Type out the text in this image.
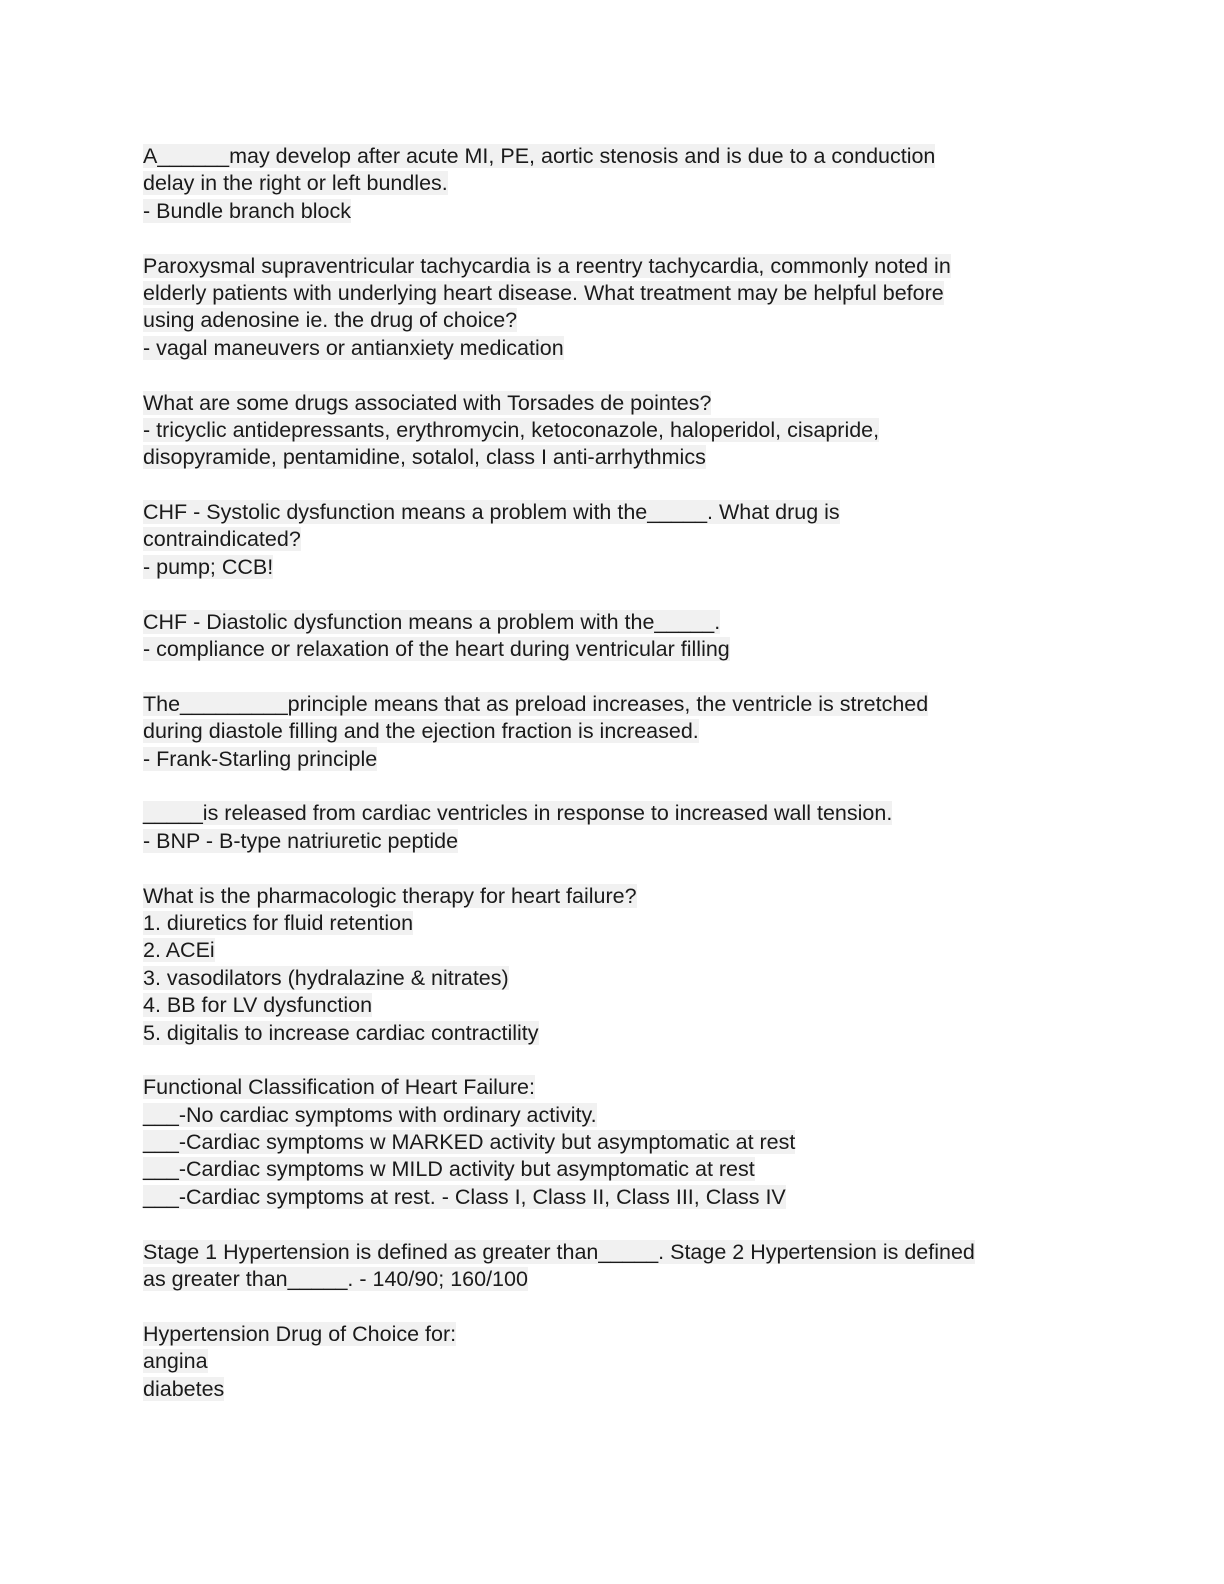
A______may develop after acute MI, PE, aortic stenosis and is due to a conduction
delay in the right or left bundles.
- Bundle branch block
Paroxysmal supraventricular tachycardia is a reentry tachycardia, commonly noted in
elderly patients with underlying heart disease. What treatment may be helpful before
using adenosine ie. the drug of choice?
- vagal maneuvers or antianxiety medication
What are some drugs associated with Torsades de pointes?
- tricyclic antidepressants, erythromycin, ketoconazole, haloperidol, cisapride,
disopyramide, pentamidine, sotalol, class I anti-arrhythmics
CHF - Systolic dysfunction means a problem with the_____. What drug is
contraindicated?
- pump; CCB!
CHF - Diastolic dysfunction means a problem with the_____.
- compliance or relaxation of the heart during ventricular filling
The_________principle means that as preload increases, the ventricle is stretched
during diastole filling and the ejection fraction is increased.
- Frank-Starling principle
_____is released from cardiac ventricles in response to increased wall tension.
- BNP - B-type natriuretic peptide
What is the pharmacologic therapy for heart failure?
1. diuretics for fluid retention
2. ACEi
3. vasodilators (hydralazine & nitrates)
4. BB for LV dysfunction
5. digitalis to increase cardiac contractility
Functional Classification of Heart Failure:
___-No cardiac symptoms with ordinary activity.
___-Cardiac symptoms w MARKED activity but asymptomatic at rest
___-Cardiac symptoms w MILD activity but asymptomatic at rest
___-Cardiac symptoms at rest. - Class I, Class II, Class III, Class IV
Stage 1 Hypertension is defined as greater than_____. Stage 2 Hypertension is defined
as greater than_____. - 140/90; 160/100
Hypertension Drug of Choice for:
angina
diabetes
